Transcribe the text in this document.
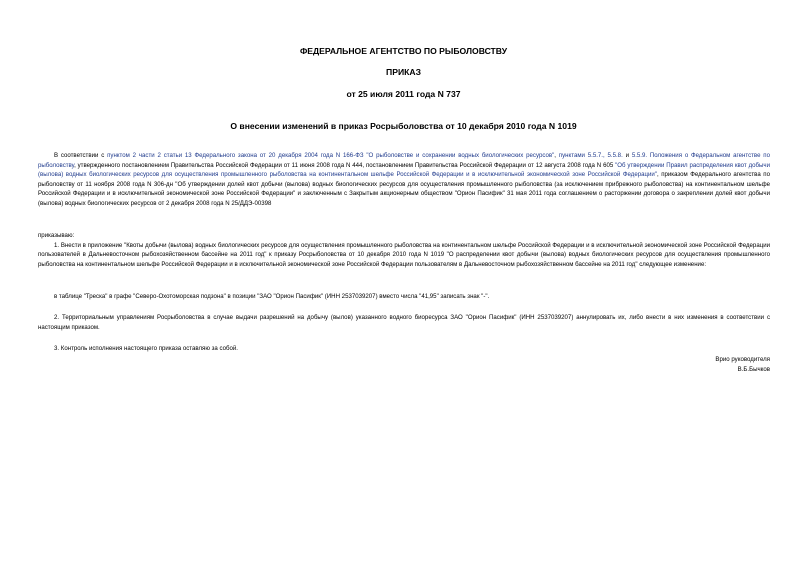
ФЕДЕРАЛЬНОЕ АГЕНТСТВО ПО РЫБОЛОВСТВУ
ПРИКАЗ
от 25 июля 2011 года N 737
О внесении изменений в приказ Росрыболовства от 10 декабря 2010 года N 1019
В соответствии с пунктом 2 части 2 статьи 13 Федерального закона от 20 декабря 2004 года N 166-ФЗ "О рыболовстве и сохранении водных биологических ресурсов", пунктами 5.5.7., 5.5.8. и 5.5.9. Положения о Федеральном агентстве по рыболовству, утвержденного постановлением Правительства Российской Федерации от 11 июня 2008 года N 444, постановлением Правительства Российской Федерации от 12 августа 2008 года N 605 "Об утверждении Правил распределения квот добычи (вылова) водных биологических ресурсов для осуществления промышленного рыболовства на континентальном шельфе Российской Федерации и в исключительной экономической зоне Российской Федерации", приказом Федерального агентства по рыболовству от 11 ноября 2008 года N 306-дн "Об утверждении долей квот добычи (вылова) водных биологических ресурсов для осуществления промышленного рыболовства (за исключением прибрежного рыболовства) на континентальном шельфе Российской Федерации и в исключительной экономической зоне Российской Федерации" и заключенным с Закрытым акционерным обществом "Орион Пасифик" 31 мая 2011 года соглашением о расторжении договора о закреплении долей квот добычи (вылова) водных биологических ресурсов от 2 декабря 2008 года N 25/ДДЭ-00398
приказываю:
1. Внести в приложение "Квоты добычи (вылова) водных биологических ресурсов для осуществления промышленного рыболовства на континентальном шельфе Российской Федерации и в исключительной экономической зоне Российской Федерации пользователей в Дальневосточном рыбохозяйственном бассейне на 2011 год" к приказу Росрыболовства от 10 декабря 2010 года N 1019 "О распределении квот добычи (вылова) водных биологических ресурсов для осуществления промышленного рыболовства на континентальном шельфе Российской Федерации и в исключительной экономической зоне Российской Федерации пользователям в Дальневосточном рыбохозяйственном бассейне на 2011 год" следующее изменение:
в таблице "Треска" в графе "Северо-Охотоморская подзона" в позиции "ЗАО "Орион Пасифик" (ИНН 2537039207) вместо числа "41,95" записать знак "-".
2. Территориальным управлениям Росрыболовства в случае выдачи разрешений на добычу (вылов) указанного водного биоресурса ЗАО "Орион Пасифик" (ИНН 2537039207) аннулировать их, либо внести в них изменения в соответствии с настоящим приказом.
3. Контроль исполнения настоящего приказа оставляю за собой.
Врио руководителя
В.Б.Бычков
